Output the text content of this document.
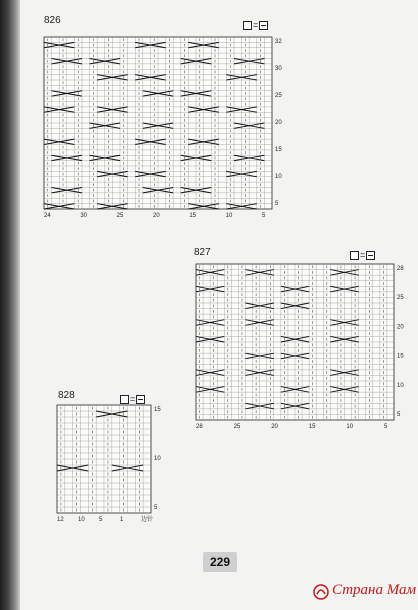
826	=
32
30
25
20
15
10
5
24	30	25	20	15	10	5
28
25
20
15
10
5
28	25	20	15	10	5
15
10
5
12 10 5	1	边针
827	=
828	=
229
Страна Мам
